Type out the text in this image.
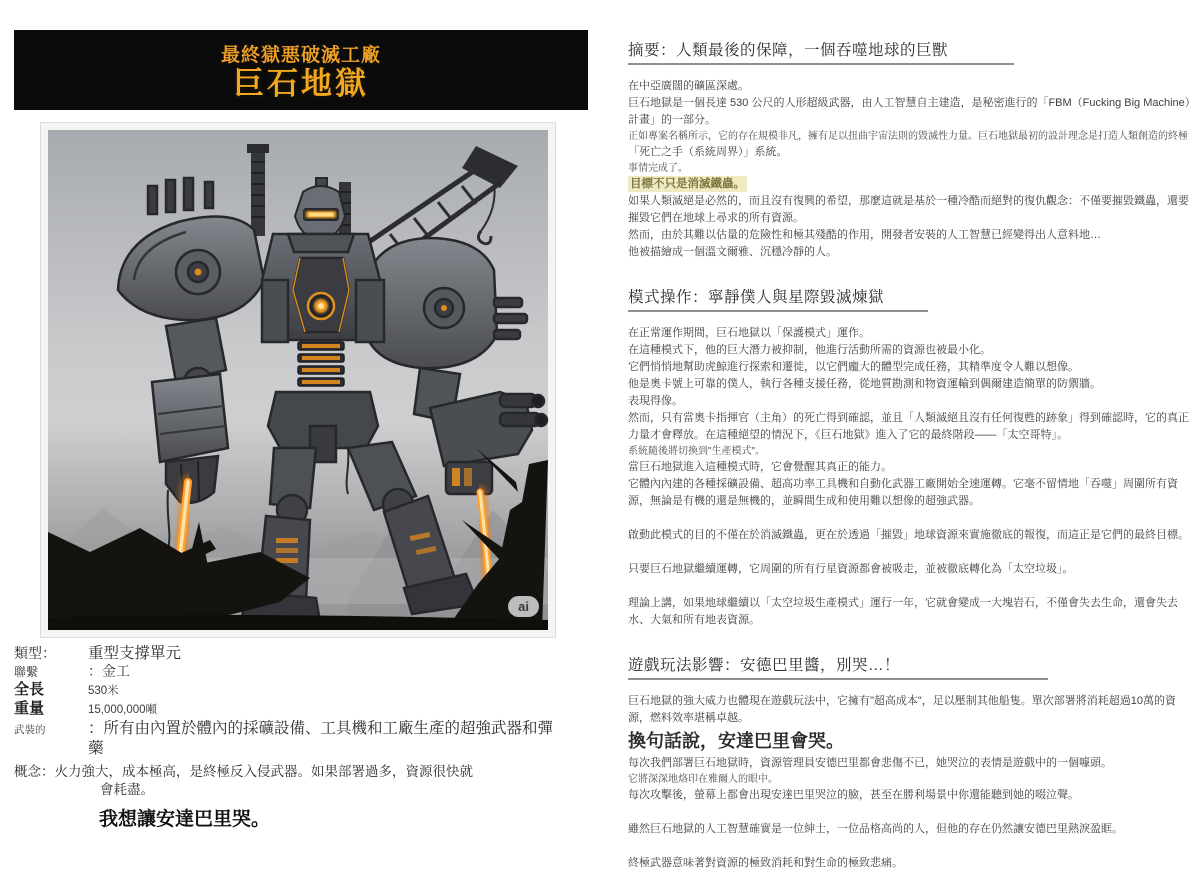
最終獄悪破滅工廠
巨石地獄
ai
類型：	重型支撐單元
聯繫	：金工
全長	530米
重量	15,000,000噸
武裝的	：所有由內置於體內的採礦設備、工具機和工廠生產的超強武器和彈藥
概念：火力強大，成本極高，是終極反入侵武器。如果部署過多，資源很快就
會耗盡。
我想讓安達巴里哭。
摘要：人類最後的保障，一個吞噬地球的巨獸

在中亞廣闊的礦區深處。

巨石地獄是一個長達 530 公尺的人形超級武器，由人工智慧自主建造，是秘密進行的「FBM（Fucking Big Machine）計畫」的一部分。

正如專案名稱所示，它的存在規模非凡，擁有足以扭曲宇宙法則的毀滅性力量。巨石地獄最初的設計理念是打造人類創造的終極

「死亡之手（系統周界）」系統。

事情完成了。

目標不只是消滅鐵蟲。

如果人類滅絕是必然的，而且沒有復興的希望，那麼這就是基於一種冷酷而絕對的復仇觀念：不僅要摧毀鐵蟲，還要摧毀它們在地球上尋求的所有資源。

然而，由於其難以估量的危險性和極其殘酷的作用，開發者安裝的人工智慧已經變得出人意料地…

他被描繪成一個溫文爾雅、沉穩冷靜的人。

模式操作：寧靜僕人與星際毀滅煉獄

在正常運作期間，巨石地獄以「保護模式」運作。

在這種模式下，他的巨大潛力被抑制，他進行活動所需的資源也被最小化。

它們悄悄地幫助虎鯨進行探索和遷徙，以它們龐大的體型完成任務，其精準度令人難以想像。

他是奧卡號上可靠的僕人，執行各種支援任務，從地質勘測和物資運輸到偶爾建造簡單的防禦牆。

表現得像。

然而，只有當奧卡指揮官（主角）的死亡得到確認，並且「人類滅絕且沒有任何復甦的跡象」得到確認時，它的真正力量才會釋放。在這種絕望的情況下，《巨石地獄》進入了它的最終階段——「太空哥特」。

系統隨後將切換到"生產模式"。

當巨石地獄進入這種模式時，它會覺醒其真正的能力。

它體內內建的各種採礦設備、超高功率工具機和自動化武器工廠開始全速運轉。它毫不留情地「吞噬」周圍所有資源，無論是有機的還是無機的，並瞬間生成和使用難以想像的超強武器。

啟動此模式的目的不僅在於消滅鐵蟲，更在於透過「摧毀」地球資源來實施徹底的報復，而這正是它們的最終目標。

只要巨石地獄繼續運轉，它周圍的所有行星資源都會被吸走，並被徹底轉化為「太空垃圾」。

理論上講，如果地球繼續以「太空垃圾生產模式」運行一年，它就會變成一大塊岩石，不僅會失去生命，還會失去水、大氣和所有地表資源。

遊戲玩法影響：安德巴里醬，別哭…！

巨石地獄的強大威力也體現在遊戲玩法中，它擁有"超高成本"，足以壓制其他船隻。單次部署將消耗超過10萬的資源，燃料效率堪稱卓越。

換句話說，安達巴里會哭。

每次我們部署巨石地獄時，資源管理員安德巴里都會悲傷不已，她哭泣的表情是遊戲中的一個噱頭。

它將深深地烙印在雅爾人的眼中。

每次攻擊後，螢幕上都會出現安達巴里哭泣的臉，甚至在勝利場景中你還能聽到她的啜泣聲。

雖然巨石地獄的人工智慧確實是一位紳士，一位品格高尚的人，但他的存在仍然讓安德巴里熱淚盈眶。

終極武器意味著對資源的極致消耗和對生命的極致悲痛。
